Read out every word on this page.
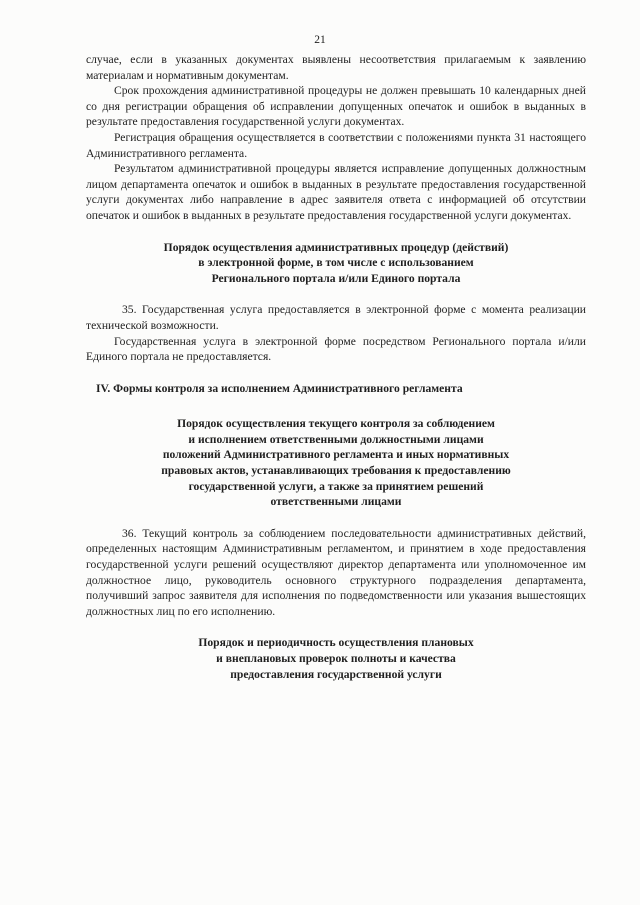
21

случае, если в указанных документах выявлены несоответствия прилагаемым к заявлению материалам и нормативным документам.

Срок прохождения административной процедуры не должен превышать 10 календарных дней со дня регистрации обращения об исправлении допущенных опечаток и ошибок в выданных в результате предоставления государственной услуги документах.

Регистрация обращения осуществляется в соответствии с положениями пункта 31 настоящего Административного регламента.

Результатом административной процедуры является исправление допущенных должностным лицом департамента опечаток и ошибок в выданных в результате предоставления государственной услуги документах либо направление в адрес заявителя ответа с информацией об отсутствии опечаток и ошибок в выданных в результате предоставления государственной услуги документах.

Порядок осуществления административных процедур (действий)
в электронной форме, в том числе с использованием
Регионального портала и/или Единого портала

35. Государственная услуга предоставляется в электронной форме с момента реализации технической возможности.

Государственная услуга в электронной форме посредством Регионального портала и/или Единого портала не предоставляется.

IV. Формы контроля за исполнением Административного регламента
Порядок осуществления текущего контроля за соблюдением
и исполнением ответственными должностными лицами
положений Административного регламента и иных нормативных
правовых актов, устанавливающих требования к предоставлению
государственной услуги, а также за принятием решений
ответственными лицами

36. Текущий контроль за соблюдением последовательности административных действий, определенных настоящим Административным регламентом, и принятием в ходе предоставления государственной услуги решений осуществляют директор департамента или уполномоченное им должностное лицо, руководитель основного структурного подразделения департамента, получивший запрос заявителя для исполнения по подведомственности или указания вышестоящих должностных лиц по его исполнению.

Порядок и периодичность осуществления плановых
и внеплановых проверок полноты и качества
предоставления государственной услуги
